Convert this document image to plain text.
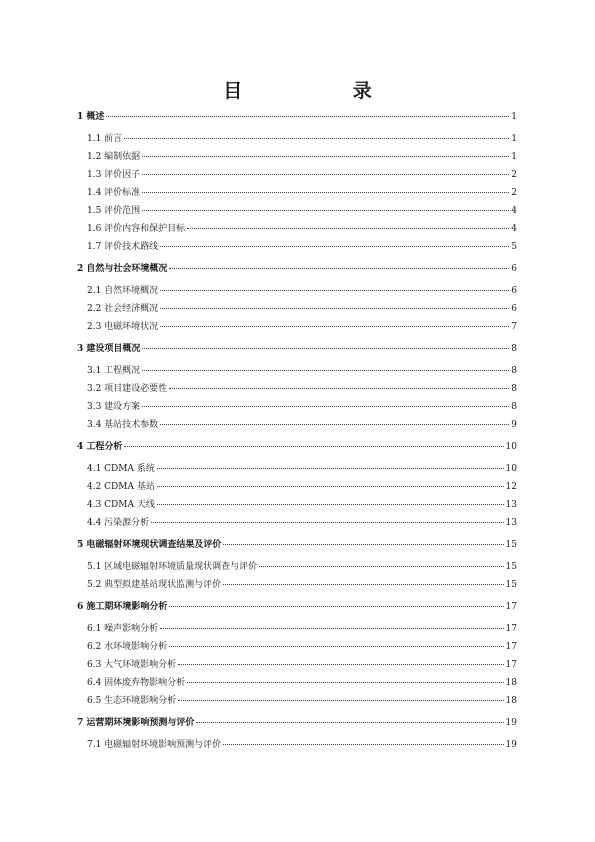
目 录
1 概述	1
1.1 前言	1
1.2 编制依据	1
1.3 评价因子	2
1.4 评价标准	2
1.5 评价范围	4
1.6 评价内容和保护目标	4
1.7 评价技术路线	5
2 自然与社会环境概况	6
2.1 自然环境概况	6
2.2 社会经济概况	6
2.3 电磁环境状况	7
3 建设项目概况	8
3.1 工程概况	8
3.2 项目建设必要性	8
3.3 建设方案	8
3.4 基站技术参数	9
4 工程分析	10
4.1 CDMA 系统	10
4.2 CDMA 基站	12
4.3 CDMA 天线	13
4.4 污染源分析	13
5 电磁辐射环境现状调查结果及评价	15
5.1 区域电磁辐射环境质量现状调查与评价	15
5.2 典型拟建基站现状监测与评价	15
6 施工期环境影响分析	17
6.1 噪声影响分析	17
6.2 水环境影响分析	17
6.3 大气环境影响分析	17
6.4 固体废弃物影响分析	18
6.5 生态环境影响分析	18
7 运营期环境影响预测与评价	19
7.1 电磁辐射环境影响预测与评价	19
